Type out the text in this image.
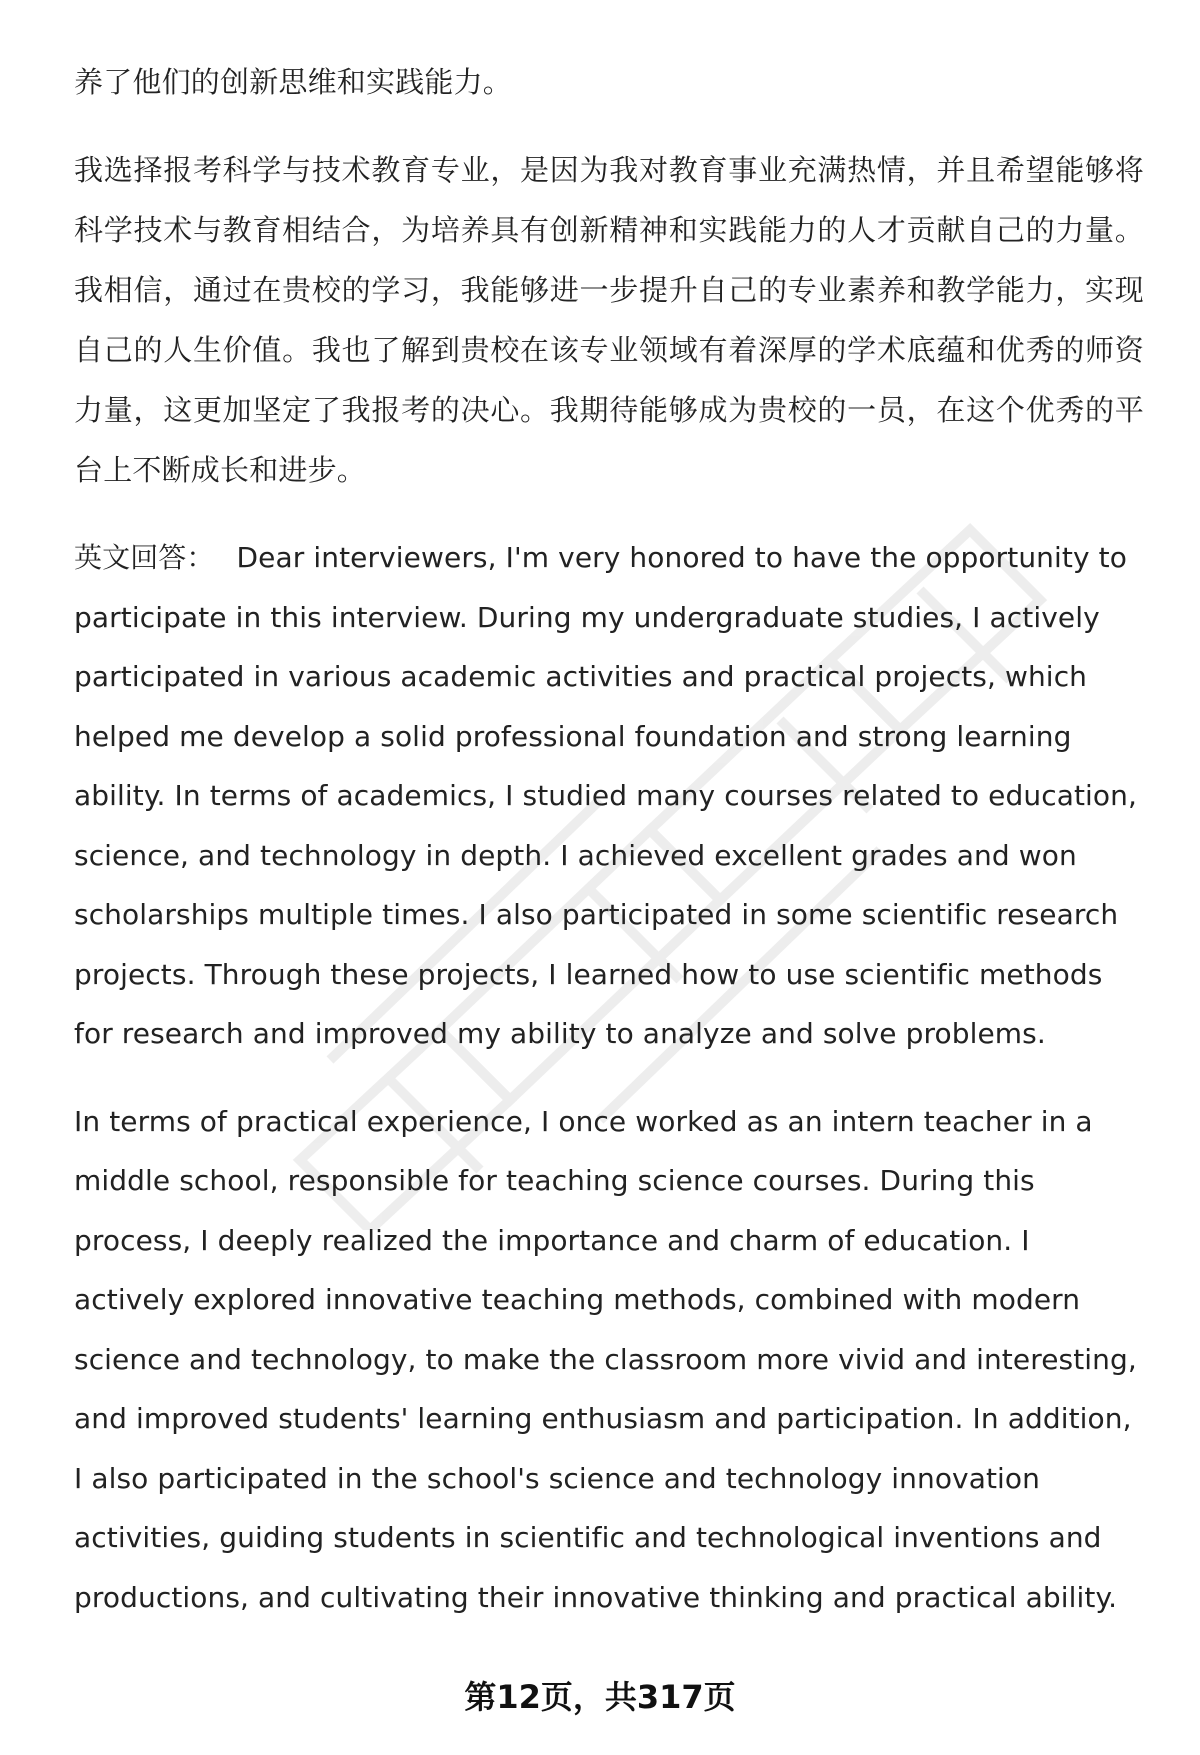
养了他们的创新思维和实践能力。

我选择报考科学与技术教育专业，是因为我对教育事业充满热情，并且希望能够将科学技术与教育相结合，为培养具有创新精神和实践能力的人才贡献自己的力量。我相信，通过在贵校的学习，我能够进一步提升自己的专业素养和教学能力，实现自己的人生价值。我也了解到贵校在该专业领域有着深厚的学术底蕴和优秀的师资力量，这更加坚定了我报考的决心。我期待能够成为贵校的一员，在这个优秀的平台上不断成长和进步。

英文回答： Dear interviewers, I'm very honored to have the opportunity to participate in this interview. During my undergraduate studies, I actively participated in various academic activities and practical projects, which helped me develop a solid professional foundation and strong learning ability. In terms of academics, I studied many courses related to education, science, and technology in depth. I achieved excellent grades and won scholarships multiple times. I also participated in some scientific research projects. Through these projects, I learned how to use scientific methods for research and improved my ability to analyze and solve problems.

In terms of practical experience, I once worked as an intern teacher in a middle school, responsible for teaching science courses. During this process, I deeply realized the importance and charm of education. I actively explored innovative teaching methods, combined with modern science and technology, to make the classroom more vivid and interesting, and improved students' learning enthusiasm and participation. In addition, I also participated in the school's science and technology innovation activities, guiding students in scientific and technological inventions and productions, and cultivating their innovative thinking and practical ability.

第12页，共317页
